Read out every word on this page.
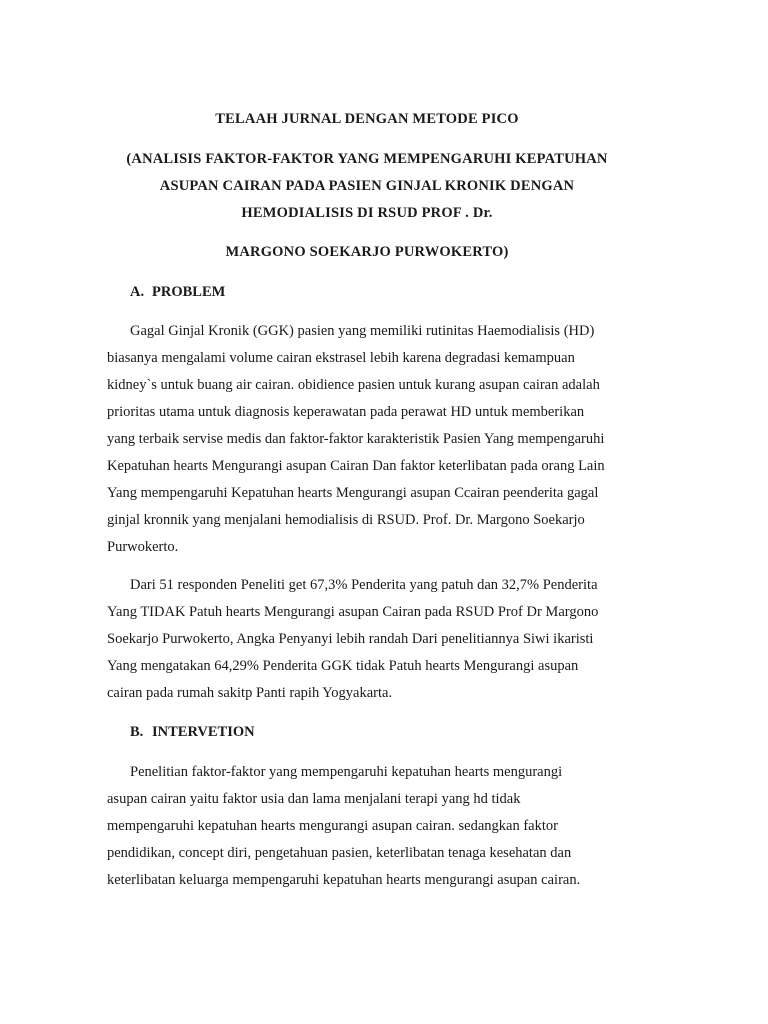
TELAAH JURNAL DENGAN METODE PICO
(ANALISIS FAKTOR-FAKTOR YANG MEMPENGARUHI KEPATUHAN
ASUPAN CAIRAN PADA PASIEN GINJAL KRONIK DENGAN
HEMODIALISIS DI RSUD PROF . Dr.
MARGONO SOEKARJO PURWOKERTO)
A. PROBLEM
Gagal Ginjal Kronik (GGK) pasien yang memiliki rutinitas Haemodialisis (HD)
biasanya mengalami volume cairan ekstrasel lebih karena degradasi kemampuan
kidney`s untuk buang air cairan. obidience pasien untuk kurang asupan cairan adalah
prioritas utama untuk diagnosis keperawatan pada perawat HD untuk memberikan
yang terbaik servise medis dan faktor-faktor karakteristik Pasien Yang mempengaruhi
Kepatuhan hearts Mengurangi asupan Cairan Dan faktor keterlibatan pada orang Lain
Yang mempengaruhi Kepatuhan hearts Mengurangi asupan Ccairan peenderita gagal
ginjal kronnik yang menjalani hemodialisis di RSUD. Prof. Dr. Margono Soekarjo
Purwokerto.
Dari 51 responden Peneliti get 67,3% Penderita yang patuh dan 32,7% Penderita
Yang TIDAK Patuh hearts Mengurangi asupan Cairan pada RSUD Prof Dr Margono
Soekarjo Purwokerto, Angka Penyanyi lebih randah Dari penelitiannya Siwi ikaristi
Yang mengatakan 64,29% Penderita GGK tidak Patuh hearts Mengurangi asupan
cairan pada rumah sakitp Panti rapih Yogyakarta.
B. INTERVETION
Penelitian faktor-faktor yang mempengaruhi kepatuhan hearts mengurangi
asupan cairan yaitu faktor usia dan lama menjalani terapi yang hd tidak
mempengaruhi kepatuhan hearts mengurangi asupan cairan. sedangkan faktor
pendidikan, concept diri, pengetahuan pasien, keterlibatan tenaga kesehatan dan
keterlibatan keluarga mempengaruhi kepatuhan hearts mengurangi asupan cairan.
